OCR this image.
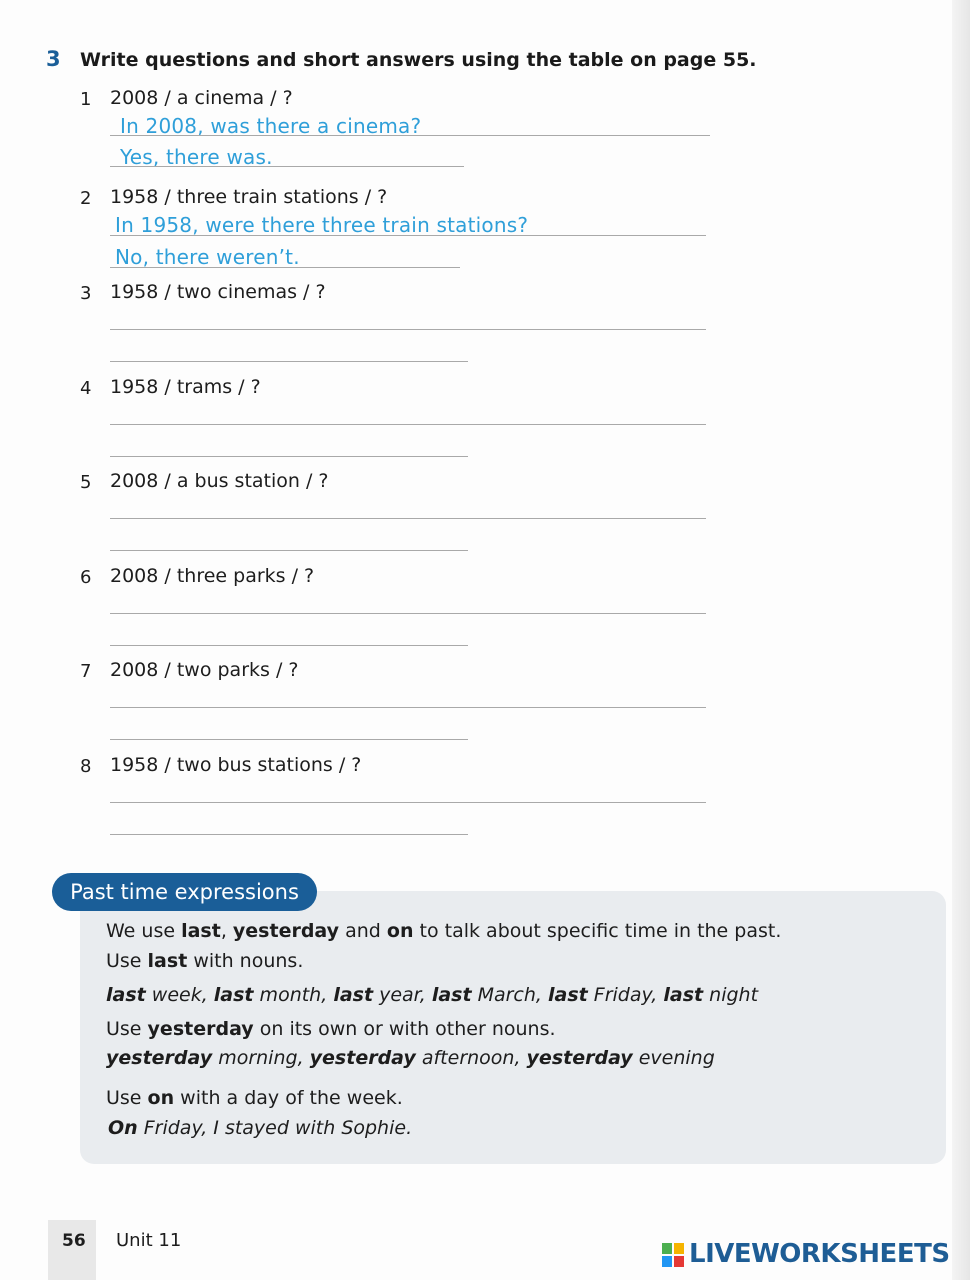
3 Write questions and short answers using the table on page 55.
1 2008 / a cinema / ?
In 2008, was there a cinema?
Yes, there was.
2 1958 / three train stations / ?
In 1958, were there three train stations?
No, there weren’t.
3 1958 / two cinemas / ?
4 1958 / trams / ?
5 2008 / a bus station / ?
6 2008 / three parks / ?
7 2008 / two parks / ?
8 1958 / two bus stations / ?
Past time expressions
We use last, yesterday and on to talk about specific time in the past.
Use last with nouns.
last week, last month, last year, last March, last Friday, last night
Use yesterday on its own or with other nouns.
yesterday morning, yesterday afternoon, yesterday evening
Use on with a day of the week.
On Friday, I stayed with Sophie.
56 Unit 11	LIVEWORKSHEETS
